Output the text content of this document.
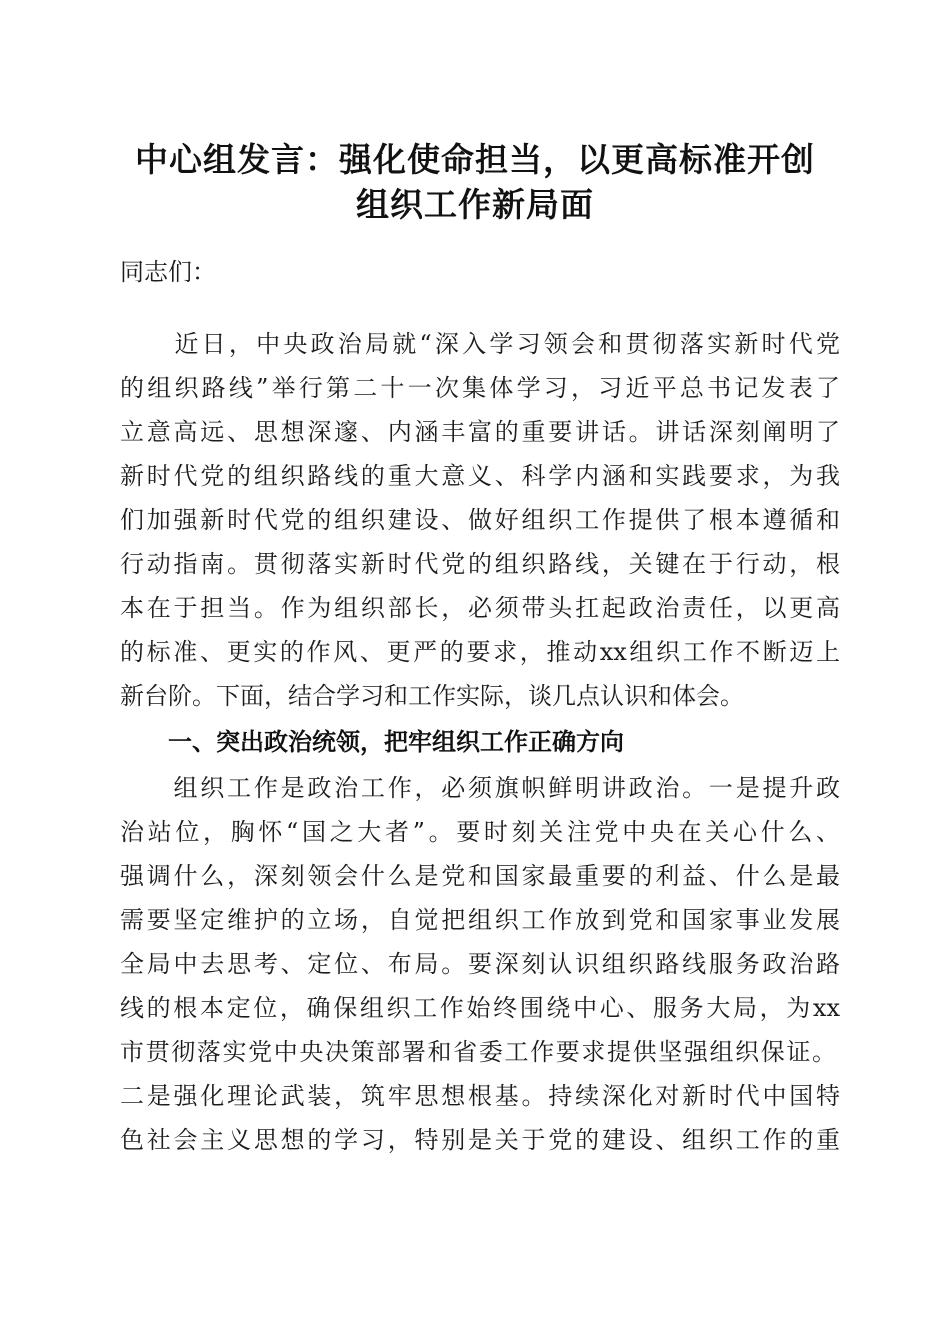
中心组发言：强化使命担当，以更高标准开创
组织工作新局面
同志们：
　　近日，中央政治局就“深入学习领会和贯彻落实新时代党
的组织路线”举行第二十一次集体学习，习近平总书记发表了
立意高远、思想深邃、内涵丰富的重要讲话。讲话深刻阐明了
新时代党的组织路线的重大意义、科学内涵和实践要求，为我
们加强新时代党的组织建设、做好组织工作提供了根本遵循和
行动指南。贯彻落实新时代党的组织路线，关键在于行动，根
本在于担当。作为组织部长，必须带头扛起政治责任，以更高
的标准、更实的作风、更严的要求，推动xx组织工作不断迈上
新台阶。下面，结合学习和工作实际，谈几点认识和体会。
一、突出政治统领，把牢组织工作正确方向
　　组织工作是政治工作，必须旗帜鲜明讲政治。一是提升政
治站位，胸怀“国之大者”。要时刻关注党中央在关心什么、
强调什么，深刻领会什么是党和国家最重要的利益、什么是最
需要坚定维护的立场，自觉把组织工作放到党和国家事业发展
全局中去思考、定位、布局。要深刻认识组织路线服务政治路
线的根本定位，确保组织工作始终围绕中心、服务大局，为xx
市贯彻落实党中央决策部署和省委工作要求提供坚强组织保证。
二是强化理论武装，筑牢思想根基。持续深化对新时代中国特
色社会主义思想的学习，特别是关于党的建设、组织工作的重
